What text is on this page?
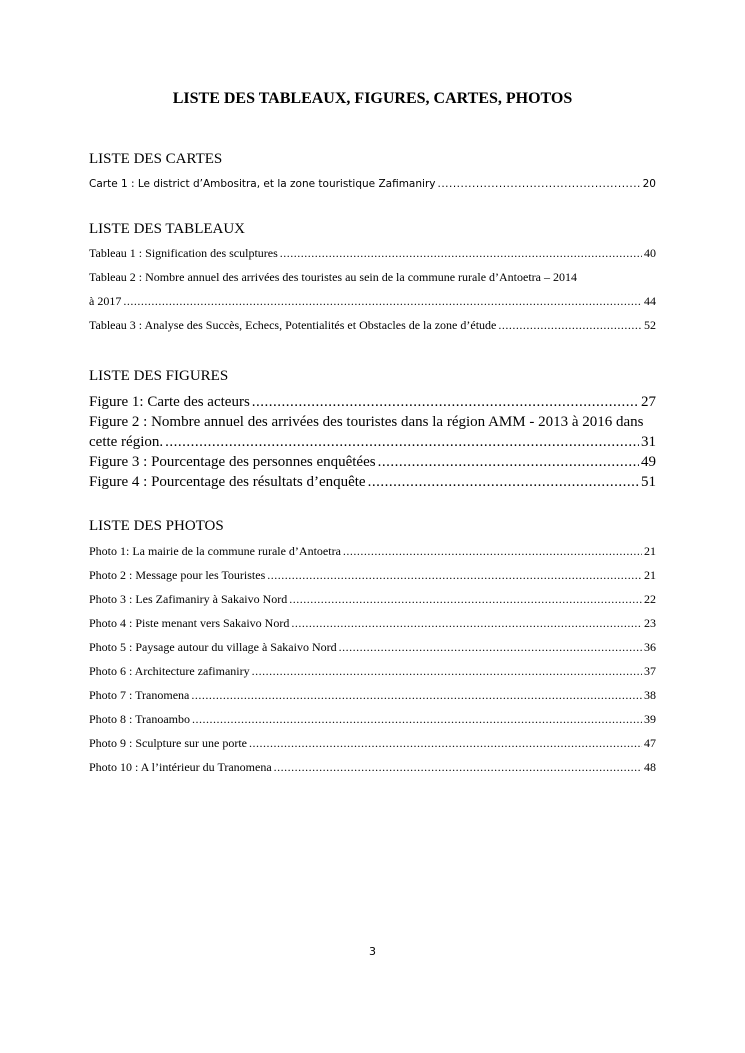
LISTE DES TABLEAUX, FIGURES, CARTES, PHOTOS
LISTE DES CARTES
Carte 1 : Le district d’Ambositra, et la zone touristique Zafimaniry .....	20
LISTE DES TABLEAUX
Tableau 1 : Signification des sculptures .....	40
Tableau 2 : Nombre annuel des arrivées des touristes au sein de la commune rurale d’Antoetra – 2014
à 2017 .....	44
Tableau 3 : Analyse des Succès, Echecs, Potentialités et Obstacles de la zone d’étude .....	52
LISTE DES FIGURES
Figure 1: Carte des acteurs .....	27
Figure 2 : Nombre annuel des arrivées des touristes dans la région AMM - 2013 à 2016 dans
cette région. .....	31
Figure 3 : Pourcentage des personnes enquêtées .....	49
Figure 4 : Pourcentage des résultats d’enquête .....	51
LISTE DES PHOTOS
Photo 1: La mairie de la commune rurale d’Antoetra .....	21
Photo 2 : Message pour les Touristes .....	21
Photo 3 : Les Zafimaniry à Sakaivo Nord .....	22
Photo 4 : Piste menant vers Sakaivo Nord .....	23
Photo 5 : Paysage autour du village à Sakaivo Nord .....	36
Photo 6 : Architecture zafimaniry .....	37
Photo 7 : Tranomena .....	38
Photo 8 : Tranoambo .....	39
Photo 9 : Sculpture sur une porte .....	47
Photo 10 : A l’intérieur du Tranomena .....	48
3
